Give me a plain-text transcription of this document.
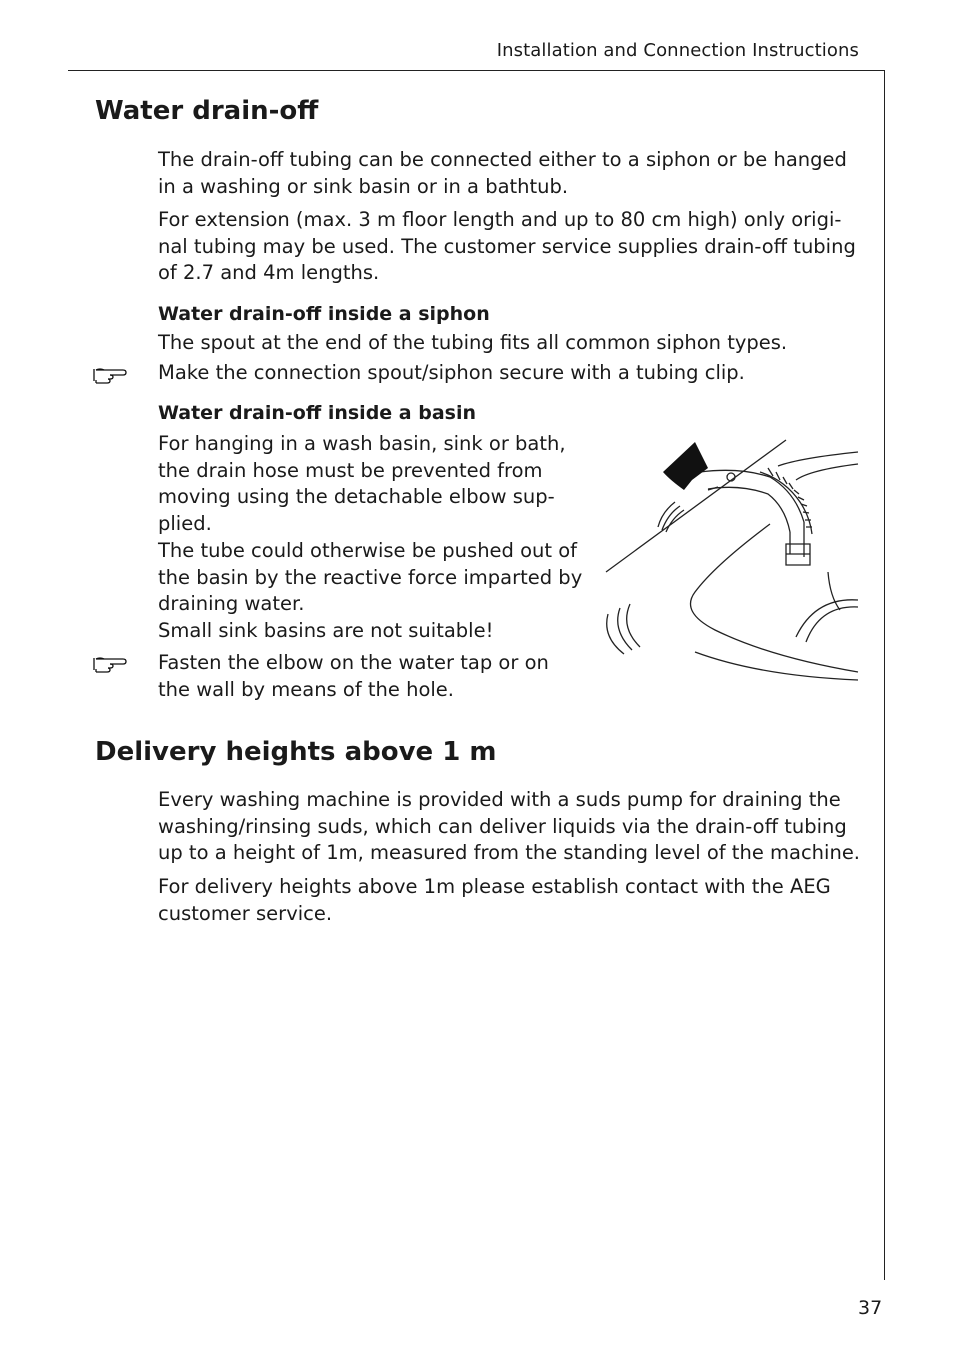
Installation and Connection Instructions
Water drain-off

The drain-off tubing can be connected either to a siphon or be hanged
in a washing or sink basin or in a bathtub.

For extension (max. 3 m floor length and up to 80 cm high) only origi-
nal tubing may be used. The customer service supplies drain-off tubing
of 2.7 and 4m lengths.

Water drain-off inside a siphon

The spout at the end of the tubing fits all common siphon types.

Make the connection spout/siphon secure with a tubing clip.

Water drain-off inside a basin

For hanging in a wash basin, sink or bath,
the drain hose must be prevented from
moving using the detachable elbow sup-
plied.
The tube could otherwise be pushed out of
the basin by the reactive force imparted by
draining water.
Small sink basins are not suitable!

Fasten the elbow on the water tap or on
the wall by means of the hole.

Delivery heights above 1 m

Every washing machine is provided with a suds pump for draining the
washing/rinsing suds, which can deliver liquids via the drain-off tubing
up to a height of 1m, measured from the standing level of the machine.

For delivery heights above 1m please establish contact with the AEG
customer service.

37
